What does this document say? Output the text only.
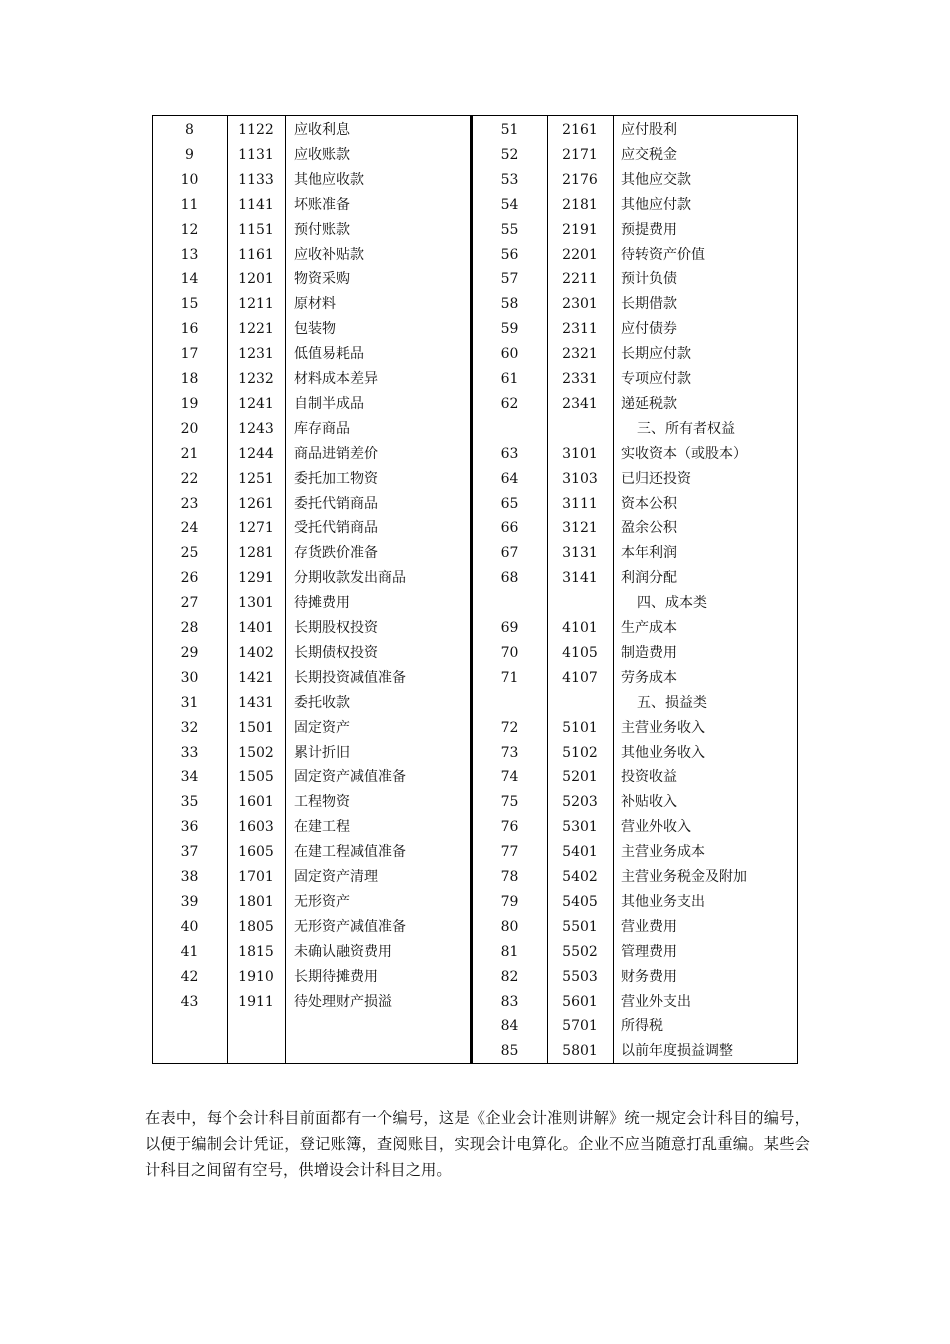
8	1122	应收利息
9	1131	应收账款
10	1133	其他应收款
11	1141	坏账准备
12	1151	预付账款
13	1161	应收补贴款
14	1201	物资采购
15	1211	原材料
16	1221	包装物
17	1231	低值易耗品
18	1232	材料成本差异
19	1241	自制半成品
20	1243	库存商品
21	1244	商品进销差价
22	1251	委托加工物资
23	1261	委托代销商品
24	1271	受托代销商品
25	1281	存货跌价准备
26	1291	分期收款发出商品
27	1301	待摊费用
28	1401	长期股权投资
29	1402	长期债权投资
30	1421	长期投资减值准备
31	1431	委托收款
32	1501	固定资产
33	1502	累计折旧
34	1505	固定资产减值准备
35	1601	工程物资
36	1603	在建工程
37	1605	在建工程减值准备
38	1701	固定资产清理
39	1801	无形资产
40	1805	无形资产减值准备
41	1815	未确认融资费用
42	1910	长期待摊费用
43	1911	待处理财产损溢
51	2161	应付股利
52	2171	应交税金
53	2176	其他应交款
54	2181	其他应付款
55	2191	预提费用
56	2201	待转资产价值
57	2211	预计负债
58	2301	长期借款
59	2311	应付债券
60	2321	长期应付款
61	2331	专项应付款
62	2341	递延税款
三、所有者权益
63	3101	实收资本（或股本）
64	3103	已归还投资
65	3111	资本公积
66	3121	盈余公积
67	3131	本年利润
68	3141	利润分配
四、成本类
69	4101	生产成本
70	4105	制造费用
71	4107	劳务成本
五、损益类
72	5101	主营业务收入
73	5102	其他业务收入
74	5201	投资收益
75	5203	补贴收入
76	5301	营业外收入
77	5401	主营业务成本
78	5402	主营业务税金及附加
79	5405	其他业务支出
80	5501	营业费用
81	5502	管理费用
82	5503	财务费用
83	5601	营业外支出
84	5701	所得税
85	5801	以前年度损益调整

在表中，每个会计科目前面都有一个编号，这是《企业会计准则讲解》统一规定会计科目的编号，以便于编制会计凭证，登记账簿，查阅账目，实现会计电算化。企业不应当随意打乱重编。某些会计科目之间留有空号，供增设会计科目之用。
